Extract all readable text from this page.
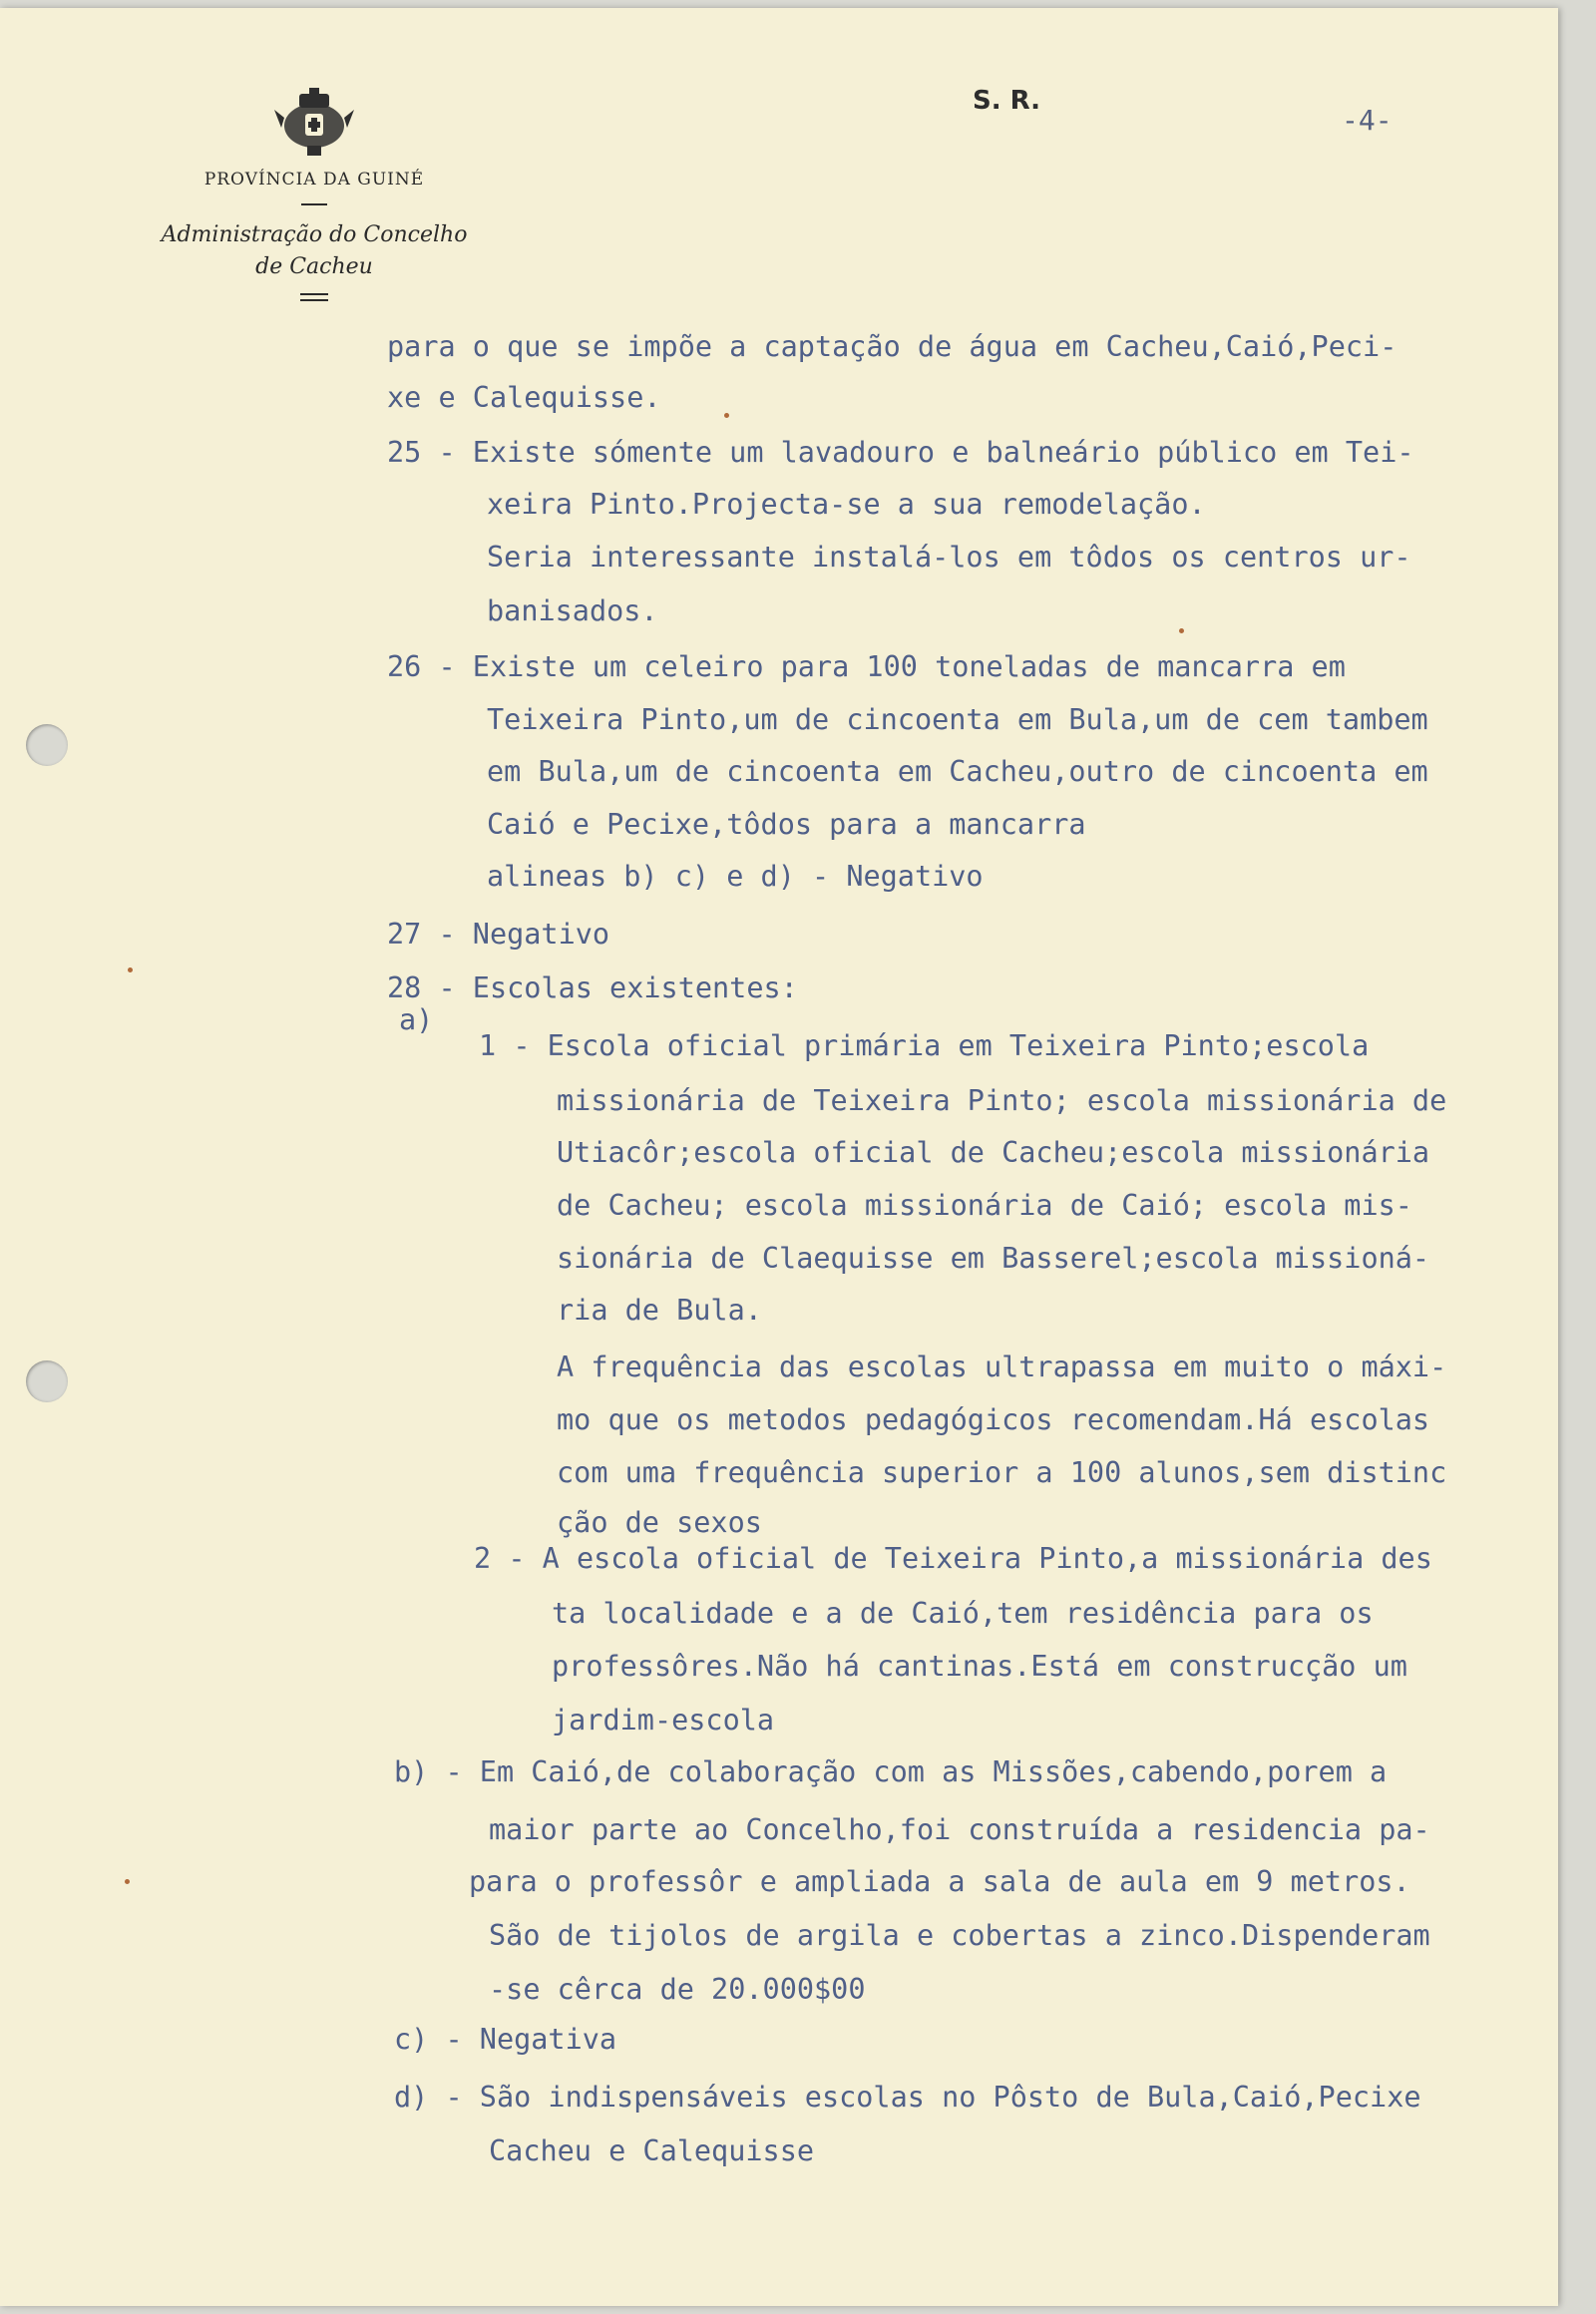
PROVÍNCIA DA GUINÉ
Administração do Concelho
de Cacheu
S. R.
-4-
para o que se impõe a captação de água em Cacheu,Caió,Peci-
xe e Calequisse.
25 - Existe sómente um lavadouro e balneário público em Tei-
xeira Pinto.Projecta-se a sua remodelação.
Seria interessante instalá-los em tôdos os centros ur-
banisados.
26 - Existe um celeiro para 100 toneladas de mancarra em
Teixeira Pinto,um de cincoenta em Bula,um de cem tambem
em Bula,um de cincoenta em Cacheu,outro de cincoenta em
Caió e Pecixe,tôdos para a mancarra
alineas b) c) e d) - Negativo
27 - Negativo
28 - Escolas existentes:
a)
1 - Escola oficial primária em Teixeira Pinto;escola
missionária de Teixeira Pinto; escola missionária de
Utiacôr;escola oficial de Cacheu;escola missionária
de Cacheu; escola missionária de Caió; escola mis-
sionária de Claequisse em Basserel;escola missioná-
ria de Bula.
A frequência das escolas ultrapassa em muito o máxi-
mo que os metodos pedagógicos recomendam.Há escolas
com uma frequência superior a 100 alunos,sem distinc
ção de sexos
2 - A escola oficial de Teixeira Pinto,a missionária des
ta localidade e a de Caió,tem residência para os
professôres.Não há cantinas.Está em construcção um
jardim-escola
b) - Em Caió,de colaboração com as Missões,cabendo,porem a
maior parte ao Concelho,foi construída a residencia pa-
para o professôr e ampliada a sala de aula em 9 metros.
São de tijolos de argila e cobertas a zinco.Dispenderam
-se cêrca de 20.000$00
c) - Negativa
d) - São indispensáveis escolas no Pôsto de Bula,Caió,Pecixe
Cacheu e Calequisse
